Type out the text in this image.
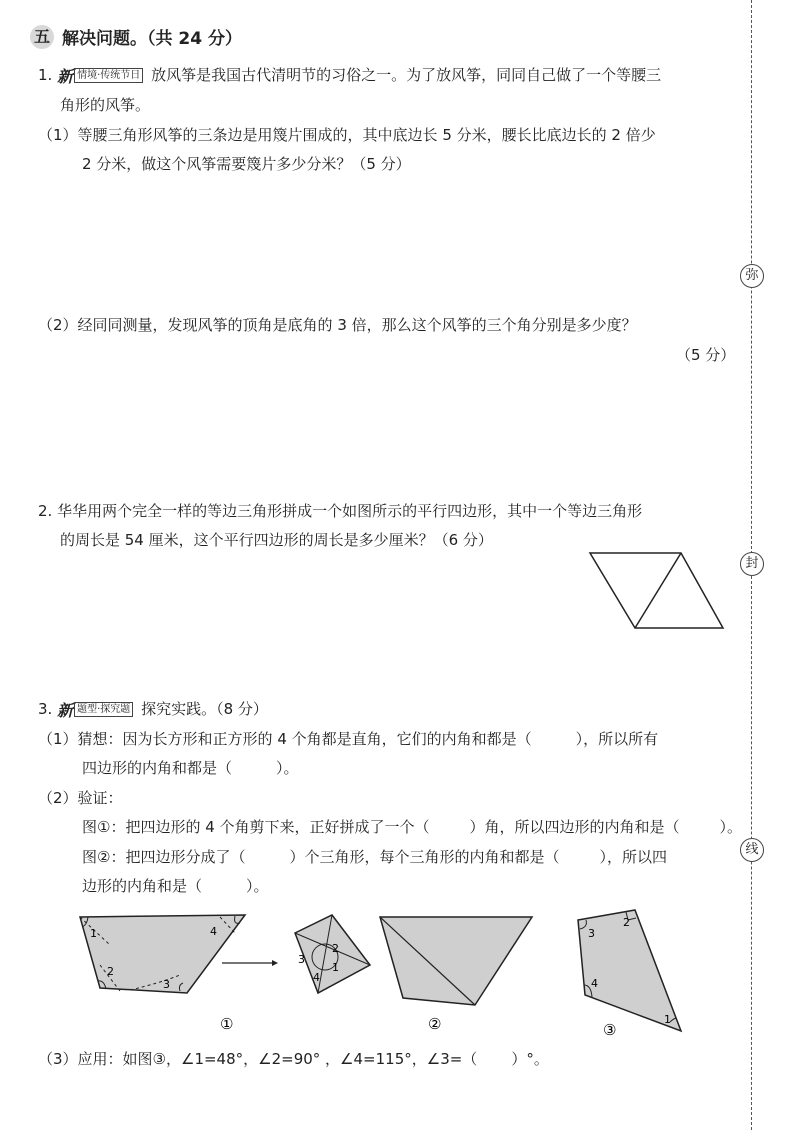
五 解决问题。（共 24 分）
1. 新 情境·传统节日 放风筝是我国古代清明节的习俗之一。为了放风筝，同同自己做了一个等腰三
角形的风筝。
（1）等腰三角形风筝的三条边是用篾片围成的，其中底边长 5 分米，腰长比底边长的 2 倍少
2 分米，做这个风筝需要篾片多少分米？（5 分）
（2）经同同测量，发现风筝的顶角是底角的 3 倍，那么这个风筝的三个角分别是多少度？
（5 分）
2. 华华用两个完全一样的等边三角形拼成一个如图所示的平行四边形，其中一个等边三角形
的周长是 54 厘米，这个平行四边形的周长是多少厘米？（6 分）
3. 新 题型·探究题 探究实践。（8 分）
（1）猜想：因为长方形和正方形的 4 个角都是直角，它们的内角和都是（	），所以所有
四边形的内角和都是（	）。
（2）验证：
图①：把四边形的 4 个角剪下来，正好拼成了一个（	）角，所以四边形的内角和是（	）。
图②：把四边形分成了（	）个三角形，每个三角形的内角和都是（	），所以四
边形的内角和是（	）。
1	4
2
3
3
2
1
4
①	②
3
2
4
1
③
（3）应用：如图③，∠1=48°，∠2=90° ，∠4=115°，∠3=（ ）°。
弥
封
线
